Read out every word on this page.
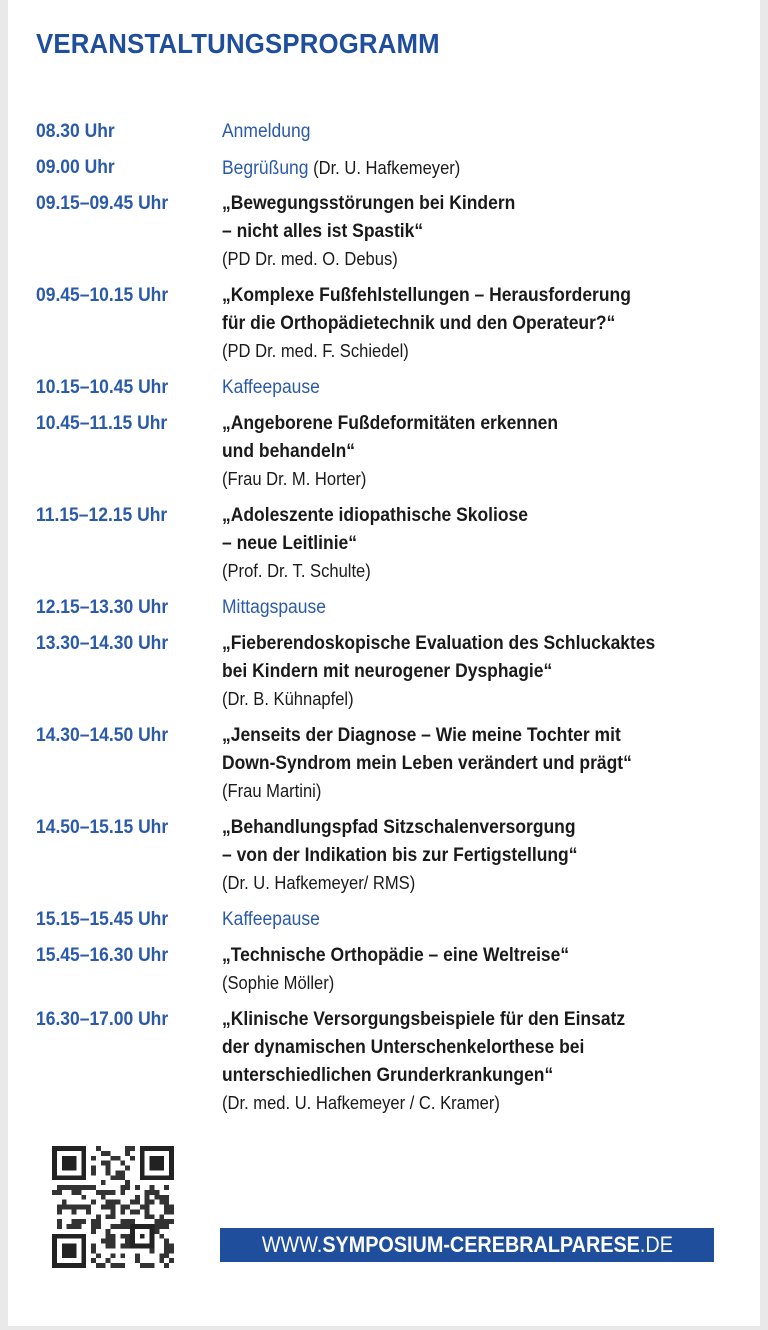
VERANSTALTUNGSPROGRAMM
08.30 Uhr	Anmeldung
09.00 Uhr	Begrüßung (Dr. U. Hafkemeyer)
09.15–09.45 Uhr	„Bewegungsstörungen bei Kindern
– nicht alles ist Spastik“
(PD Dr. med. O. Debus)
09.45–10.15 Uhr	„Komplexe Fußfehlstellungen – Herausforderung
für die Orthopädietechnik und den Operateur?“
(PD Dr. med. F. Schiedel)
10.15–10.45 Uhr	Kaffeepause
10.45–11.15 Uhr	„Angeborene Fußdeformitäten erkennen
und behandeln“
(Frau Dr. M. Horter)
11.15–12.15 Uhr	„Adoleszente idiopathische Skoliose
– neue Leitlinie“
(Prof. Dr. T. Schulte)
12.15–13.30 Uhr	Mittagspause
13.30–14.30 Uhr	„Fieberendoskopische Evaluation des Schluckaktes
bei Kindern mit neurogener Dysphagie“
(Dr. B. Kühnapfel)
14.30–14.50 Uhr	„Jenseits der Diagnose – Wie meine Tochter mit
Down-Syndrom mein Leben verändert und prägt“
(Frau Martini)
14.50–15.15 Uhr	„Behandlungspfad Sitzschalenversorgung
– von der Indikation bis zur Fertigstellung“
(Dr. U. Hafkemeyer/ RMS)
15.15–15.45 Uhr	Kaffeepause
15.45–16.30 Uhr	„Technische Orthopädie – eine Weltreise“
(Sophie Möller)
16.30–17.00 Uhr	„Klinische Versorgungsbeispiele für den Einsatz
der dynamischen Unterschenkelorthese bei
unterschiedlichen Grunderkrankungen“
(Dr. med. U. Hafkemeyer / C. Kramer)
WWW.SYMPOSIUM-CEREBRALPARESE.DE
